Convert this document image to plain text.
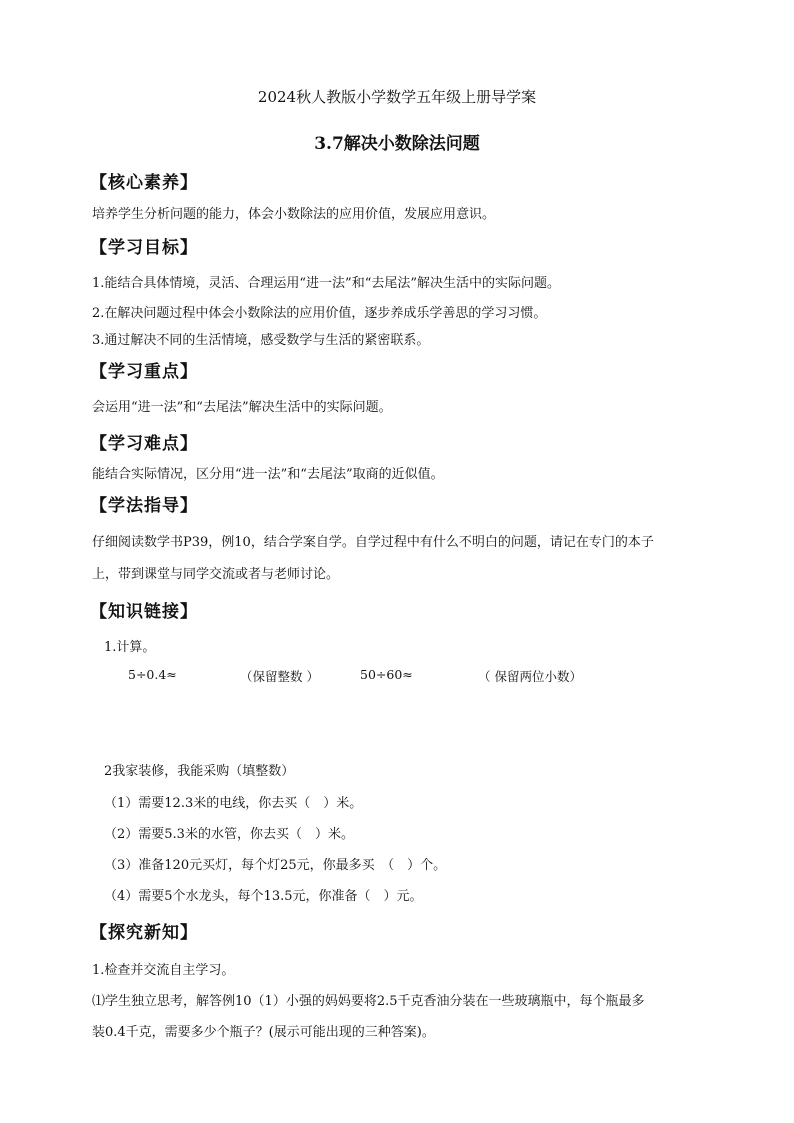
2024秋人教版小学数学五年级上册导学案
3.7解决小数除法问题
【核心素养】
培养学生分析问题的能力，体会小数除法的应用价值，发展应用意识。
【学习目标】
1.能结合具体情境，灵活、合理运用“进一法”和“去尾法”解决生活中的实际问题。
2.在解决问题过程中体会小数除法的应用价值，逐步养成乐学善思的学习习惯。
3.通过解决不同的生活情境，感受数学与生活的紧密联系。
【学习重点】
会运用“进一法”和“去尾法”解决生活中的实际问题。
【学习难点】
能结合实际情况，区分用“进一法”和“去尾法”取商的近似值。
【学法指导】
仔细阅读数学书P39，例10，结合学案自学。自学过程中有什么不明白的问题，请记在专门的本子
上，带到课堂与同学交流或者与老师讨论。
【知识链接】
1.计算。
5÷0.4≈	（保留整数 ）	50÷60≈	（ 保留两位小数）
2我家装修，我能采购（填整数）
（1）需要12.3米的电线，你去买（　）米。
（2）需要5.3米的水管，你去买（　）米。
（3）准备120元买灯，每个灯25元，你最多买　（　）个。
（4）需要5个水龙头，每个13.5元，你准备（　）元。
【探究新知】
1.检查并交流自主学习。
⑴学生独立思考，解答例10（1）小强的妈妈要将2.5千克香油分装在一些玻璃瓶中，每个瓶最多
装0.4千克，需要多少个瓶子？(展示可能出现的三种答案)。
